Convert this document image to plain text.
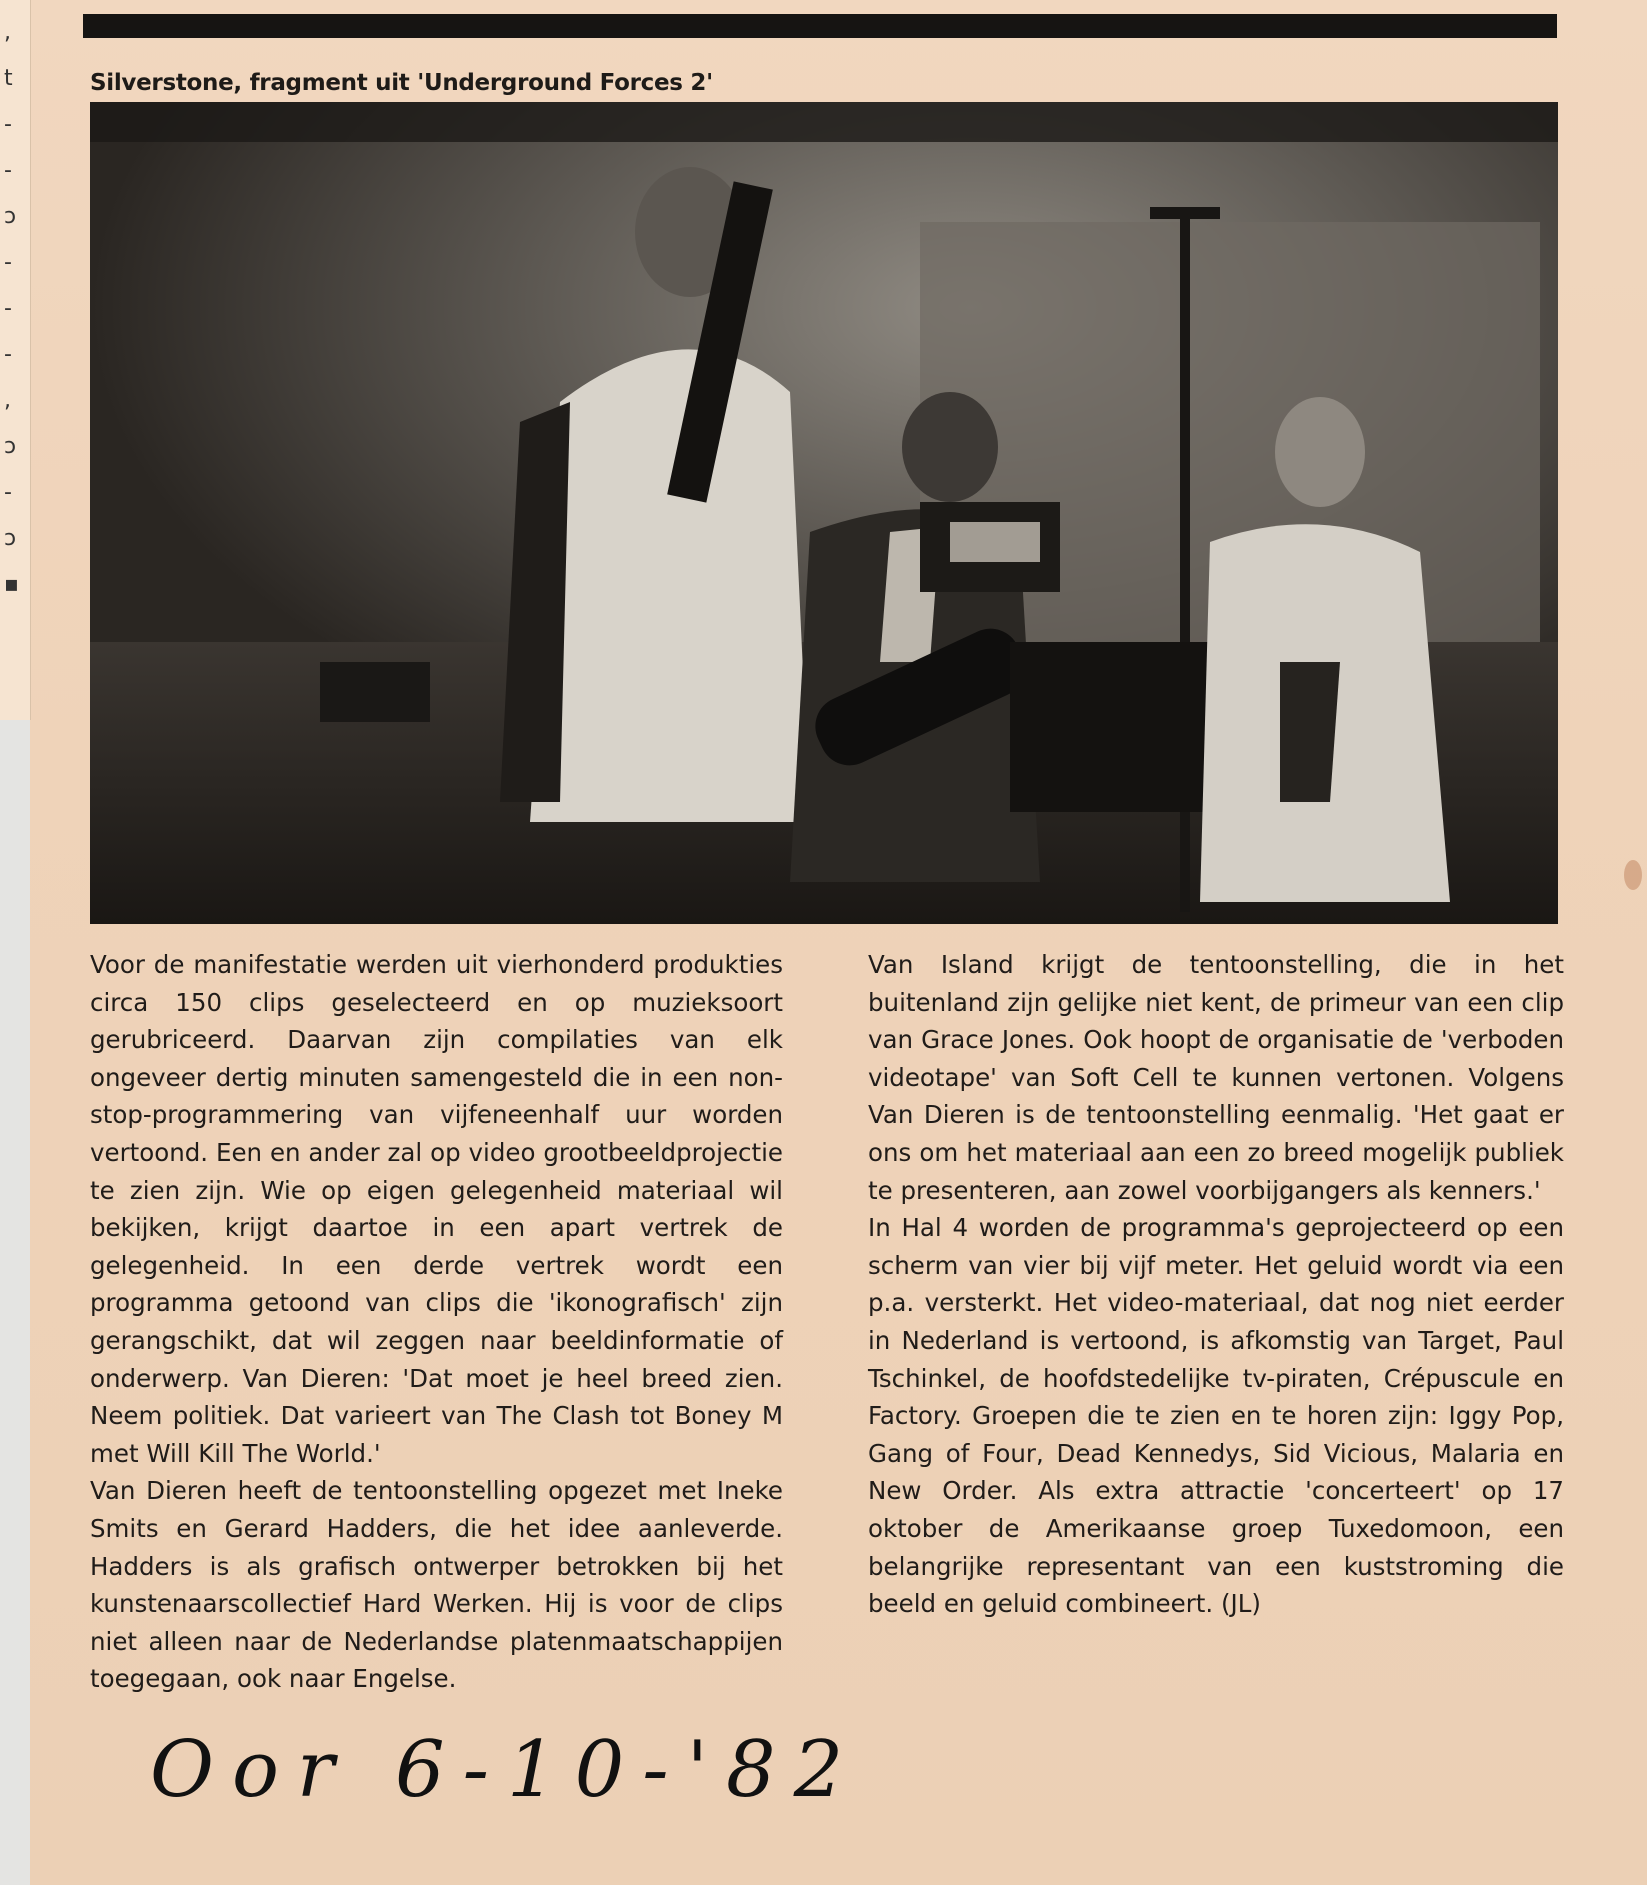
,
t
-
-
ɔ
-
-
-
,
ɔ
-
ɔ
▪
Silverstone, fragment uit 'Underground Forces 2'

Voor de manifestatie werden uit vierhonderd produkties circa 150 clips geselecteerd en op muzieksoort gerubriceerd. Daarvan zijn compilaties van elk ongeveer dertig minuten samengesteld die in een non-stop-programmering van vijfeneenhalf uur worden vertoond. Een en ander zal op video grootbeeldprojectie te zien zijn. Wie op eigen gelegenheid materiaal wil bekijken, krijgt daartoe in een apart vertrek de gelegenheid. In een derde vertrek wordt een programma getoond van clips die 'ikonografisch' zijn gerangschikt, dat wil zeggen naar beeldinformatie of onderwerp. Van Dieren: 'Dat moet je heel breed zien. Neem politiek. Dat varieert van The Clash tot Boney M met Will Kill The World.'

Van Dieren heeft de tentoonstelling opgezet met Ineke Smits en Gerard Hadders, die het idee aanleverde. Hadders is als grafisch ontwerper betrokken bij het kunstenaarscollectief Hard Werken. Hij is voor de clips niet alleen naar de Nederlandse platenmaatschappijen toegegaan, ook naar Engelse.

Van Island krijgt de tentoonstelling, die in het buitenland zijn gelijke niet kent, de primeur van een clip van Grace Jones. Ook hoopt de organisatie de 'verboden videotape' van Soft Cell te kunnen vertonen. Volgens Van Dieren is de tentoonstelling eenmalig. 'Het gaat er ons om het materiaal aan een zo breed mogelijk publiek te presenteren, aan zowel voorbijgangers als kenners.'

In Hal 4 worden de programma's geprojecteerd op een scherm van vier bij vijf meter. Het geluid wordt via een p.a. versterkt. Het video-materiaal, dat nog niet eerder in Nederland is vertoond, is afkomstig van Target, Paul Tschinkel, de hoofdstedelijke tv-piraten, Crépuscule en Factory. Groepen die te zien en te horen zijn: Iggy Pop, Gang of Four, Dead Kennedys, Sid Vicious, Malaria en New Order. Als extra attractie 'concerteert' op 17 oktober de Amerikaanse groep Tuxedomoon, een belangrijke representant van een kuststroming die beeld en geluid combineert. (JL)

Oor 6-10-'82
